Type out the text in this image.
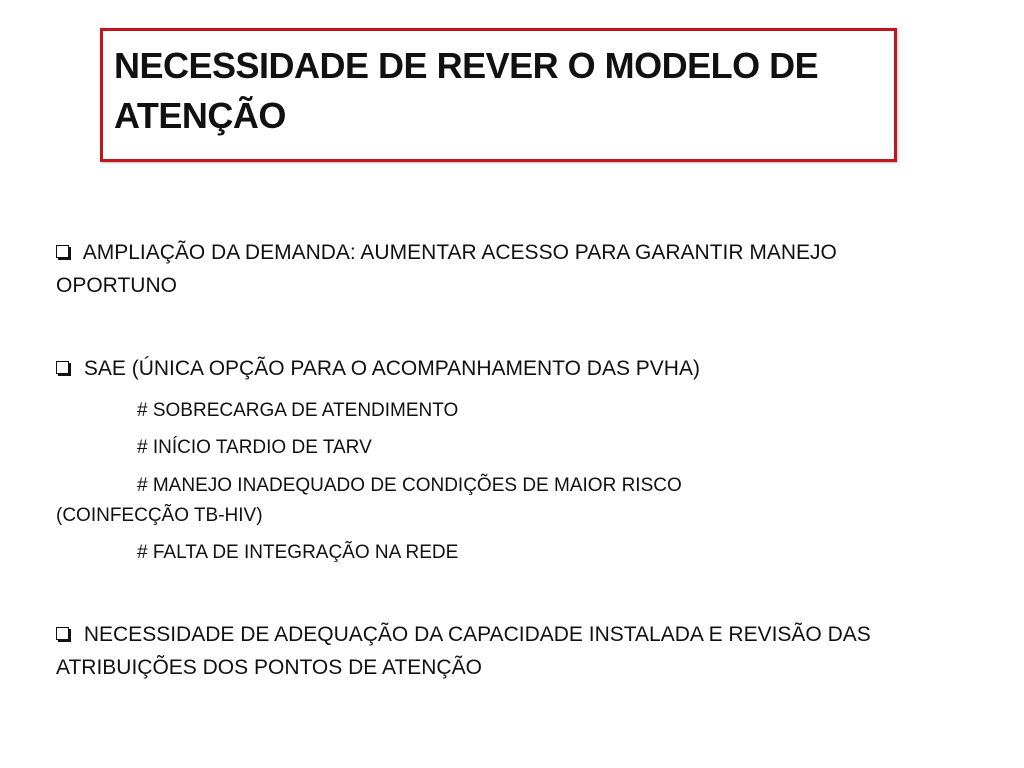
NECESSIDADE DE REVER O MODELO DE ATENÇÃO

AMPLIAÇÃO DA DEMANDA: AUMENTAR ACESSO PARA GARANTIR MANEJO OPORTUNO

SAE (ÚNICA OPÇÃO PARA O ACOMPANHAMENTO DAS PVHA)

# SOBRECARGA DE ATENDIMENTO

# INÍCIO TARDIO DE TARV

# MANEJO INADEQUADO DE CONDIÇÕES DE MAIOR RISCO (COINFECÇÃO TB-HIV)

# FALTA DE INTEGRAÇÃO NA REDE

NECESSIDADE DE ADEQUAÇÃO DA CAPACIDADE INSTALADA E REVISÃO DAS ATRIBUIÇÕES DOS PONTOS DE ATENÇÃO
